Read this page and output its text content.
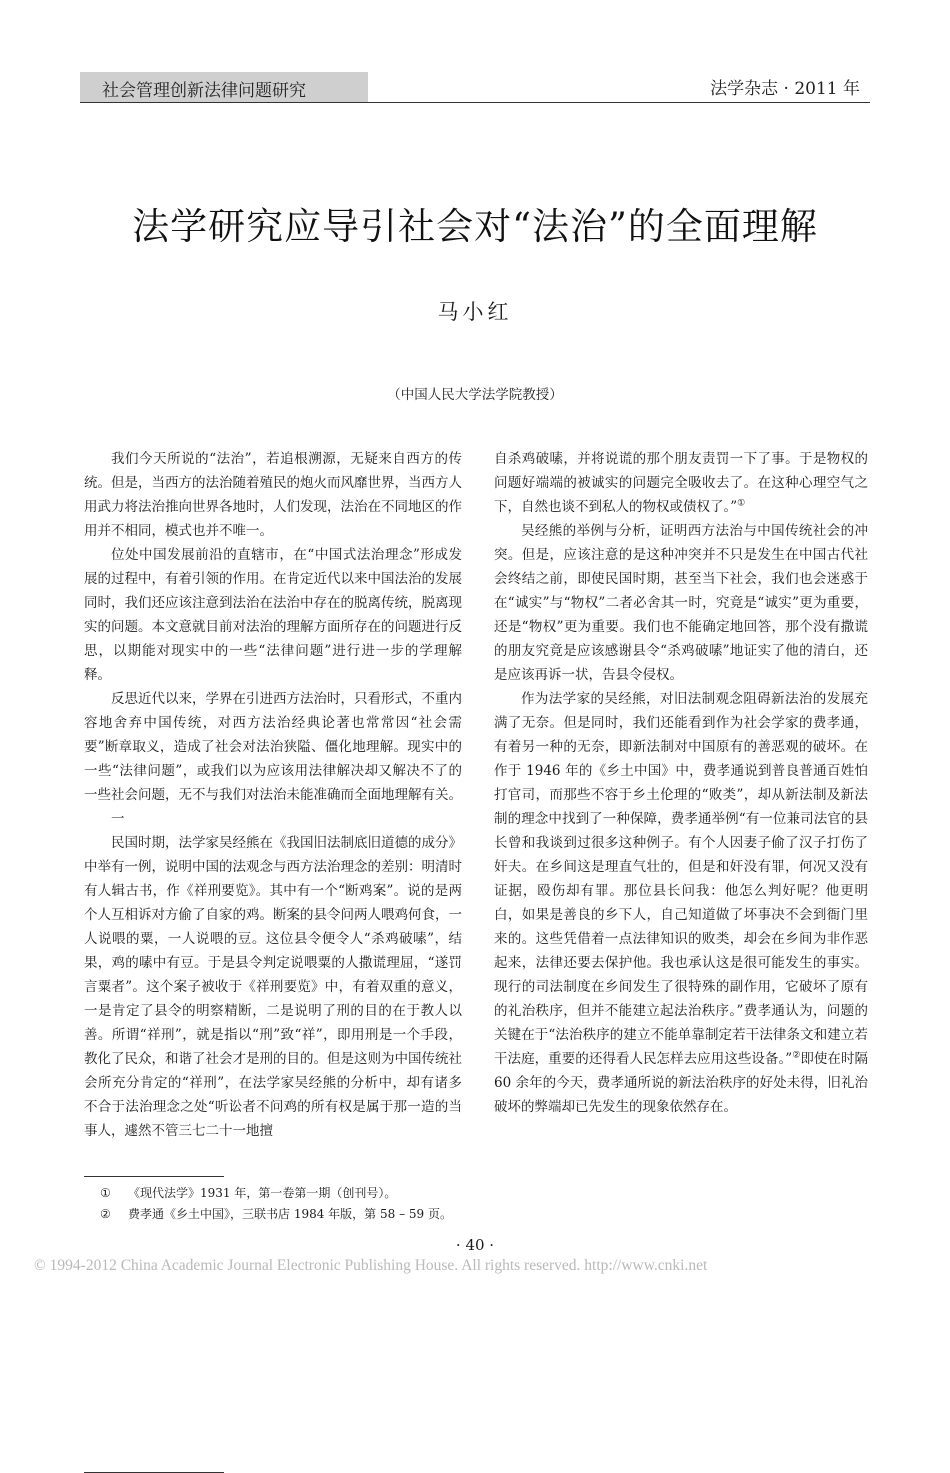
社会管理创新法律问题研究	法学杂志 · 2011 年
法学研究应导引社会对“法治”的全面理解
马小红
（中国人民大学法学院教授）

我们今天所说的“法治”，若追根溯源，无疑来自西方的传统。但是，当西方的法治随着殖民的炮火而风靡世界，当西方人用武力将法治推向世界各地时，人们发现，法治在不同地区的作用并不相同，模式也并不唯一。

位处中国发展前沿的直辖市，在“中国式法治理念”形成发展的过程中，有着引领的作用。在肯定近代以来中国法治的发展同时，我们还应该注意到法治在法治中存在的脱离传统，脱离现实的问题。本文意就目前对法治的理解方面所存在的问题进行反思，以期能对现实中的一些“法律问题”进行进一步的学理解释。

反思近代以来，学界在引进西方法治时，只看形式，不重内容地舍弃中国传统，对西方法治经典论著也常常因“社会需要”断章取义，造成了社会对法治狭隘、僵化地理解。现实中的一些“法律问题”，或我们以为应该用法律解决却又解决不了的一些社会问题，无不与我们对法治未能准确而全面地理解有关。

一

民国时期，法学家吴经熊在《我国旧法制底旧道德的成分》中举有一例，说明中国的法观念与西方法治理念的差别：明清时有人辑古书，作《祥刑要览》。其中有一个“断鸡案”。说的是两个人互相诉对方偷了自家的鸡。断案的县令问两人喂鸡何食，一人说喂的粟，一人说喂的豆。这位县令便令人“杀鸡破嗉”，结果，鸡的嗉中有豆。于是县令判定说喂粟的人撒谎理屈，“遂罚言粟者”。这个案子被收于《祥刑要览》中，有着双重的意义，一是肯定了县令的明察精断，二是说明了刑的目的在于教人以善。所谓“祥刑”，就是指以“刑”致“祥”，即用刑是一个手段，教化了民众，和谐了社会才是刑的目的。但是这则为中国传统社会所充分肯定的“祥刑”，在法学家吴经熊的分析中，却有诸多不合于法治理念之处“听讼者不问鸡的所有权是属于那一造的当事人，遽然不管三七二十一地擅

自杀鸡破嗉，并将说谎的那个朋友责罚一下了事。于是物权的问题好端端的被诚实的问题完全吸收去了。在这种心理空气之下，自然也谈不到私人的物权或债权了。”①

吴经熊的举例与分析，证明西方法治与中国传统社会的冲突。但是，应该注意的是这种冲突并不只是发生在中国古代社会终结之前，即使民国时期，甚至当下社会，我们也会迷惑于在“诚实”与“物权”二者必舍其一时，究竟是“诚实”更为重要，还是“物权”更为重要。我们也不能确定地回答，那个没有撒谎的朋友究竟是应该感谢县令“杀鸡破嗉”地证实了他的清白，还是应该再诉一状，告县令侵权。

作为法学家的吴经熊，对旧法制观念阻碍新法治的发展充满了无奈。但是同时，我们还能看到作为社会学家的费孝通，有着另一种的无奈，即新法制对中国原有的善恶观的破坏。在作于 1946 年的《乡土中国》中，费孝通说到普良普通百姓怕打官司，而那些不容于乡土伦理的“败类”，却从新法制及新法制的理念中找到了一种保障，费孝通举例“有一位兼司法官的县长曾和我谈到过很多这种例子。有个人因妻子偷了汉子打伤了奸夫。在乡间这是理直气壮的，但是和奸没有罪，何况又没有证据，殴伤却有罪。那位县长问我：他怎么判好呢？他更明白，如果是善良的乡下人，自己知道做了坏事决不会到衙门里来的。这些凭借着一点法律知识的败类，却会在乡间为非作恶起来，法律还要去保护他。我也承认这是很可能发生的事实。现行的司法制度在乡间发生了很特殊的副作用，它破坏了原有的礼治秩序，但并不能建立起法治秩序。”费孝通认为，问题的关键在于“法治秩序的建立不能单靠制定若干法律条文和建立若干法庭，重要的还得看人民怎样去应用这些设备。”②即使在时隔 60 余年的今天，费孝通所说的新法治秩序的好处未得，旧礼治破坏的弊端却已先发生的现象依然存在。

① 《现代法学》1931 年，第一卷第一期（创刊号）。
② 费孝通《乡土中国》，三联书店 1984 年版，第 58 – 59 页。
· 40 ·
© 1994-2012 China Academic Journal Electronic Publishing House. All rights reserved. http://www.cnki.net
